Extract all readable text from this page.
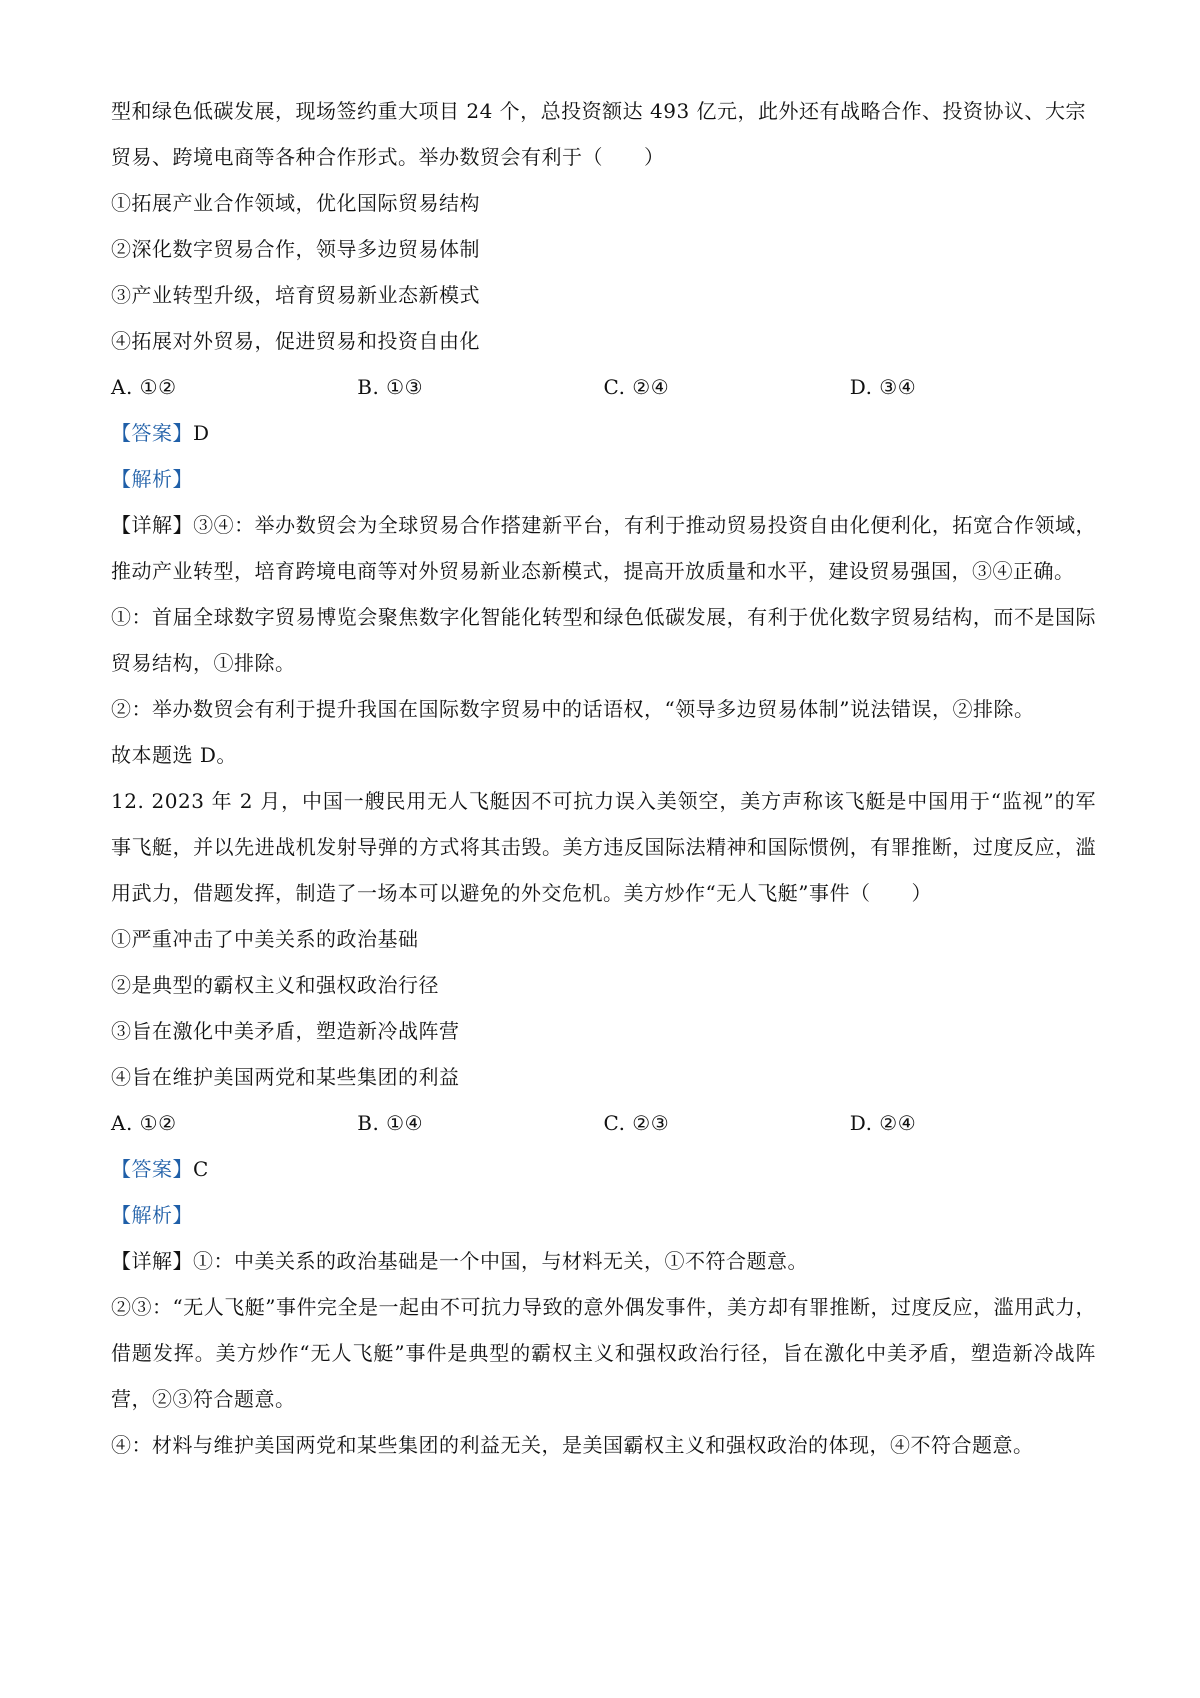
型和绿色低碳发展，现场签约重大项目 24 个，总投资额达 493 亿元，此外还有战略合作、投资协议、大宗
贸易、跨境电商等各种合作形式。举办数贸会有利于（　　）
①拓展产业合作领域，优化国际贸易结构
②深化数字贸易合作，领导多边贸易体制
③产业转型升级，培育贸易新业态新模式
④拓展对外贸易，促进贸易和投资自由化
A. ①②	B. ①③	C. ②④	D. ③④
【答案】D
【解析】
【详解】③④：举办数贸会为全球贸易合作搭建新平台，有利于推动贸易投资自由化便利化，拓宽合作领域，推动产业转型，培育跨境电商等对外贸易新业态新模式，提高开放质量和水平，建设贸易强国，③④正确。
①：首届全球数字贸易博览会聚焦数字化智能化转型和绿色低碳发展，有利于优化数字贸易结构，而不是国际贸易结构，①排除。
②：举办数贸会有利于提升我国在国际数字贸易中的话语权，“领导多边贸易体制”说法错误，②排除。
故本题选 D。
12. 2023 年 2 月，中国一艘民用无人飞艇因不可抗力误入美领空，美方声称该飞艇是中国用于“监视”的军事飞艇，并以先进战机发射导弹的方式将其击毁。美方违反国际法精神和国际惯例，有罪推断，过度反应，滥用武力，借题发挥，制造了一场本可以避免的外交危机。美方炒作“无人飞艇”事件（　　）
①严重冲击了中美关系的政治基础
②是典型的霸权主义和强权政治行径
③旨在激化中美矛盾，塑造新冷战阵营
④旨在维护美国两党和某些集团的利益
A. ①②	B. ①④	C. ②③	D. ②④
【答案】C
【解析】
【详解】①：中美关系的政治基础是一个中国，与材料无关，①不符合题意。
②③：“无人飞艇”事件完全是一起由不可抗力导致的意外偶发事件，美方却有罪推断，过度反应，滥用武力，借题发挥。美方炒作“无人飞艇”事件是典型的霸权主义和强权政治行径，旨在激化中美矛盾，塑造新冷战阵营，②③符合题意。
④：材料与维护美国两党和某些集团的利益无关，是美国霸权主义和强权政治的体现，④不符合题意。
